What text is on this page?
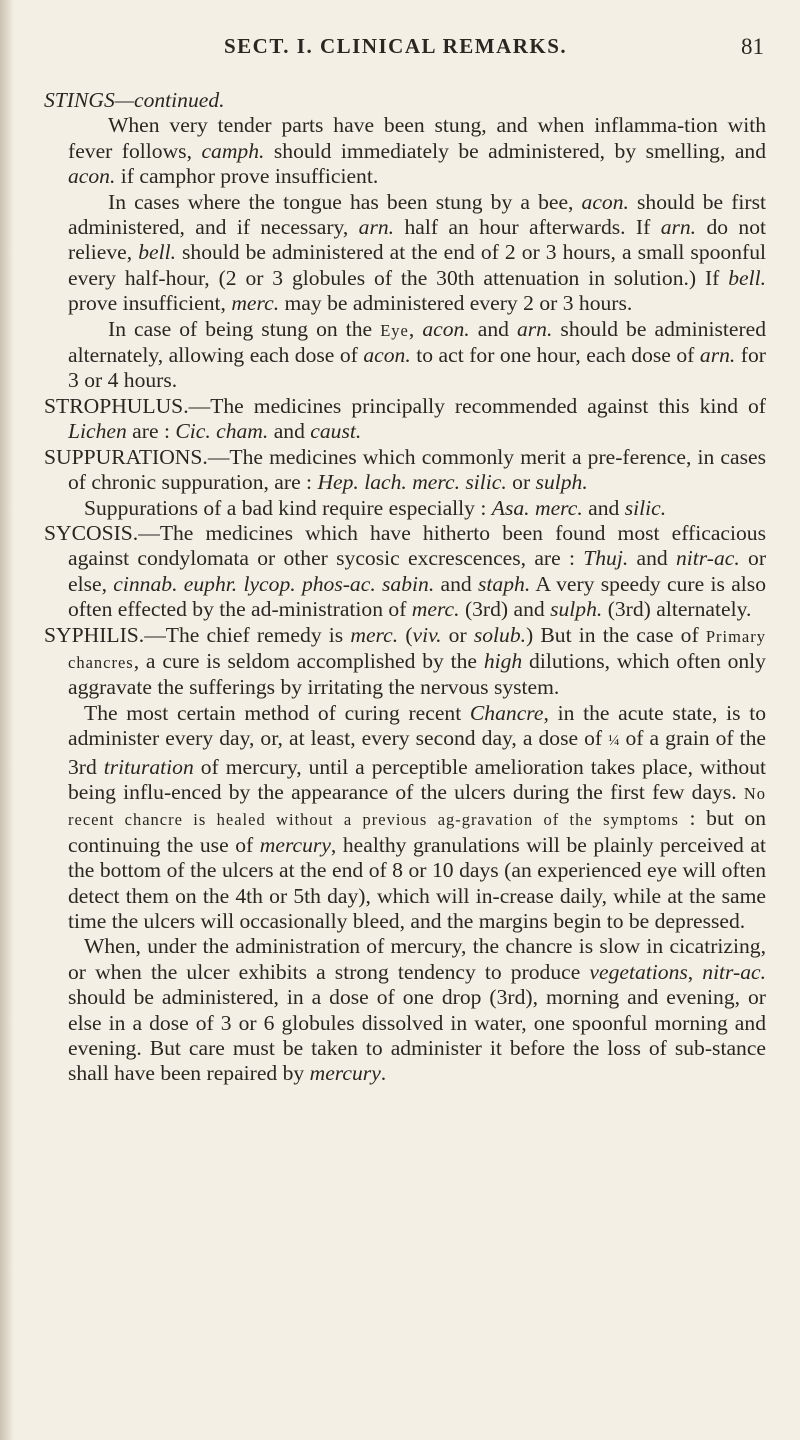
SECT. I. CLINICAL REMARKS.	81

STINGS—continued.

When very tender parts have been stung, and when inflamma-tion with fever follows, camph. should immediately be administered, by smelling, and acon. if camphor prove insufficient.

In cases where the tongue has been stung by a bee, acon. should be first administered, and if necessary, arn. half an hour afterwards. If arn. do not relieve, bell. should be administered at the end of 2 or 3 hours, a small spoonful every half-hour, (2 or 3 globules of the 30th attenuation in solution.) If bell. prove insufficient, merc. may be administered every 2 or 3 hours.

In case of being stung on the Eye, acon. and arn. should be administered alternately, allowing each dose of acon. to act for one hour, each dose of arn. for 3 or 4 hours.

STROPHULUS.—The medicines principally recommended against this kind of Lichen are : Cic. cham. and caust.

SUPPURATIONS.—The medicines which commonly merit a pre-ference, in cases of chronic suppuration, are : Hep. lach. merc. silic. or sulph.

Suppurations of a bad kind require especially : Asa. merc. and silic.

SYCOSIS.—The medicines which have hitherto been found most efficacious against condylomata or other sycosic excrescences, are : Thuj. and nitr-ac. or else, cinnab. euphr. lycop. phos-ac. sabin. and staph. A very speedy cure is also often effected by the ad-ministration of merc. (3rd) and sulph. (3rd) alternately.

SYPHILIS.—The chief remedy is merc. (viv. or solub.) But in the case of Primary chancres, a cure is seldom accomplished by the high dilutions, which often only aggravate the sufferings by irritating the nervous system.

The most certain method of curing recent Chancre, in the acute state, is to administer every day, or, at least, every second day, a dose of ¼ of a grain of the 3rd trituration of mercury, until a perceptible amelioration takes place, without being influ-enced by the appearance of the ulcers during the first few days. No recent chancre is healed without a previous ag-gravation of the symptoms : but on continuing the use of mercury, healthy granulations will be plainly perceived at the bottom of the ulcers at the end of 8 or 10 days (an experienced eye will often detect them on the 4th or 5th day), which will in-crease daily, while at the same time the ulcers will occasionally bleed, and the margins begin to be depressed.

When, under the administration of mercury, the chancre is slow in cicatrizing, or when the ulcer exhibits a strong tendency to produce vegetations, nitr-ac. should be administered, in a dose of one drop (3rd), morning and evening, or else in a dose of 3 or 6 globules dissolved in water, one spoonful morning and evening. But care must be taken to administer it before the loss of sub-stance shall have been repaired by mercury.
